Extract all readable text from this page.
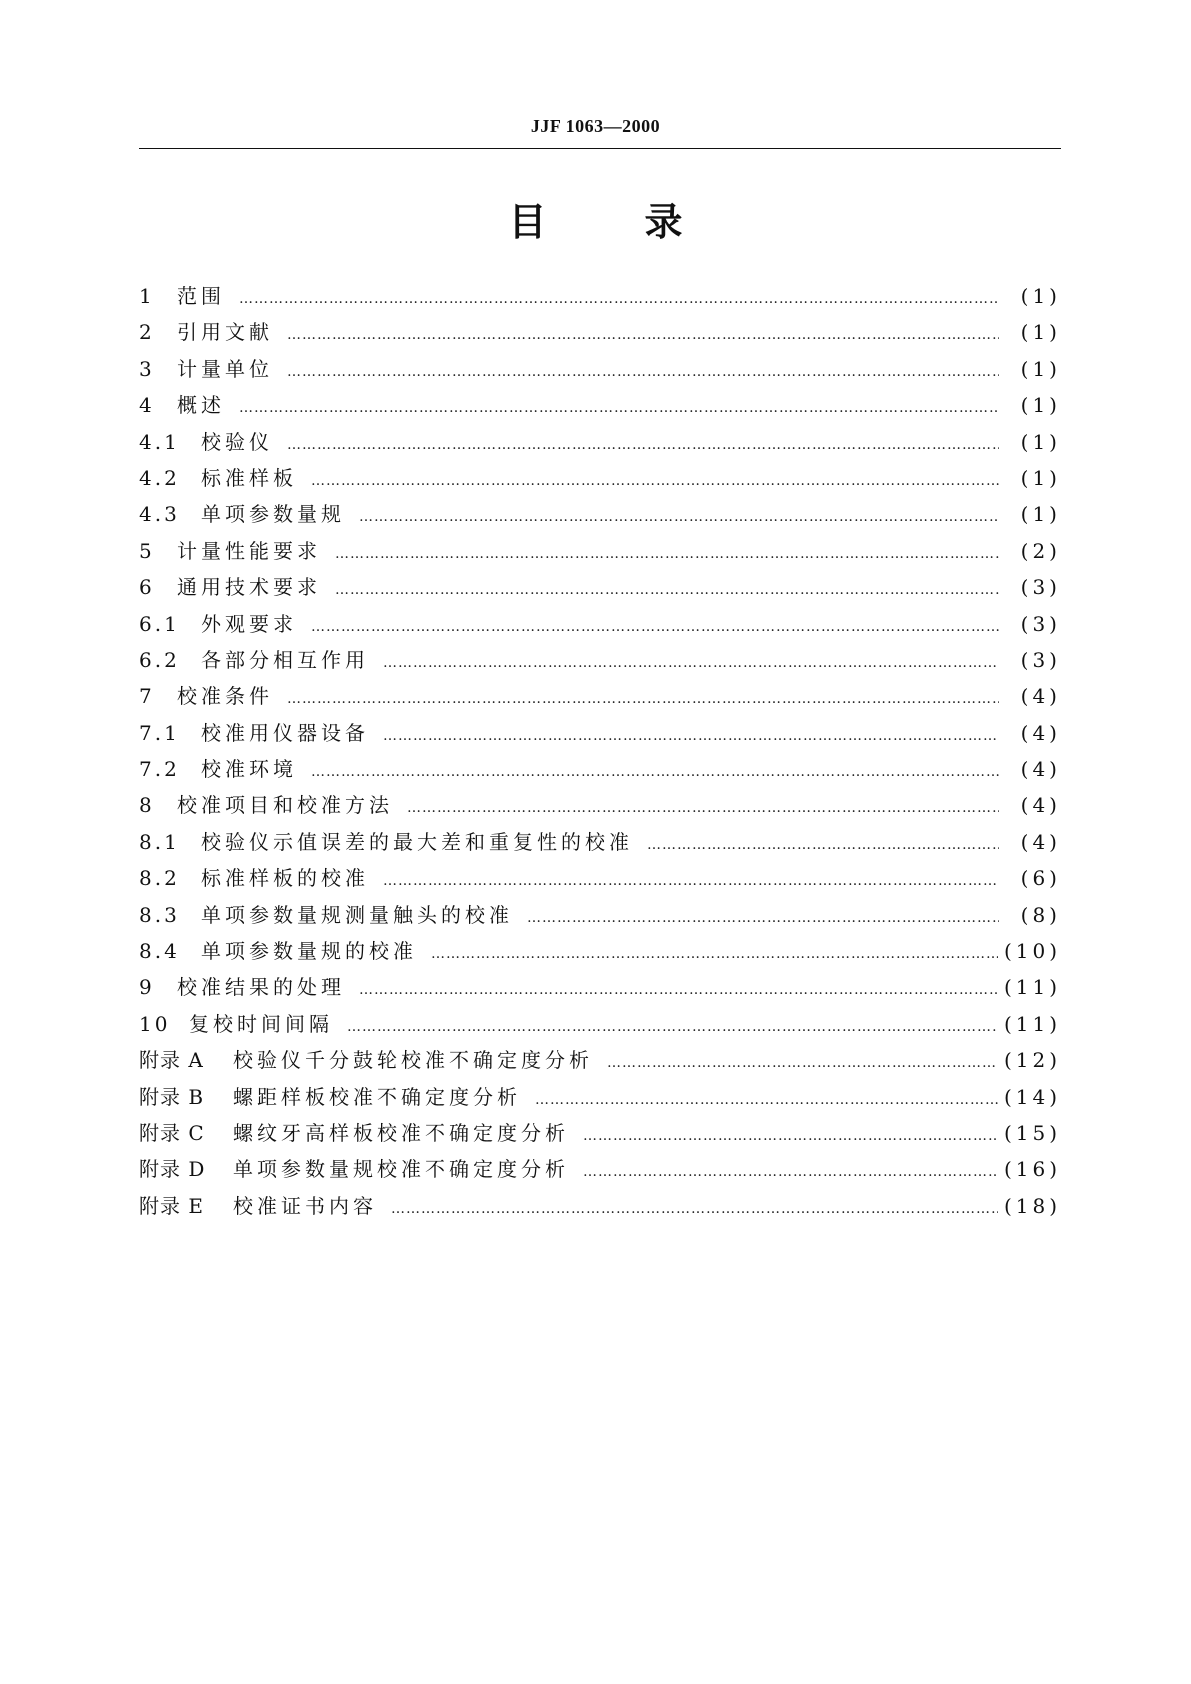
JJF 1063—2000
目	录
1	范围 …………………………………………………………………………………………………………………………………………………………………………………………………………………………………………	(1)
2	引用文献 …………………………………………………………………………………………………………………………………………………………………………………………………………………………………………	(1)
3	计量单位 …………………………………………………………………………………………………………………………………………………………………………………………………………………………………………	(1)
4	概述 …………………………………………………………………………………………………………………………………………………………………………………………………………………………………………	(1)
4.1	校验仪 …………………………………………………………………………………………………………………………………………………………………………………………………………………………………………	(1)
4.2	标准样板 …………………………………………………………………………………………………………………………………………………………………………………………………………………………………………	(1)
4.3	单项参数量规 …………………………………………………………………………………………………………………………………………………………………………………………………………………………………………	(1)
5	计量性能要求 …………………………………………………………………………………………………………………………………………………………………………………………………………………………………………	(2)
6	通用技术要求 …………………………………………………………………………………………………………………………………………………………………………………………………………………………………………	(3)
6.1	外观要求 …………………………………………………………………………………………………………………………………………………………………………………………………………………………………………	(3)
6.2	各部分相互作用 …………………………………………………………………………………………………………………………………………………………………………………………………………………………………………	(3)
7	校准条件 …………………………………………………………………………………………………………………………………………………………………………………………………………………………………………	(4)
7.1	校准用仪器设备 …………………………………………………………………………………………………………………………………………………………………………………………………………………………………………	(4)
7.2	校准环境 …………………………………………………………………………………………………………………………………………………………………………………………………………………………………………	(4)
8	校准项目和校准方法 …………………………………………………………………………………………………………………………………………………………………………………………………………………………………………	(4)
8.1	校验仪示值误差的最大差和重复性的校准 …………………………………………………………………………………………………………………………………………………………………………………………………………………………………………	(4)
8.2	标准样板的校准 …………………………………………………………………………………………………………………………………………………………………………………………………………………………………………	(6)
8.3	单项参数量规测量触头的校准 …………………………………………………………………………………………………………………………………………………………………………………………………………………………………………	(8)
8.4	单项参数量规的校准 …………………………………………………………………………………………………………………………………………………………………………………………………………………………………………	(10)
9	校准结果的处理 …………………………………………………………………………………………………………………………………………………………………………………………………………………………………………	(11)
10 复校时间间隔 …………………………………………………………………………………………………………………………………………………………………………………………………………………………………………	(11)
附录 A	校验仪千分鼓轮校准不确定度分析 …………………………………………………………………………………………………………………………………………………………………………………………………………………………………………	(12)
附录 B	螺距样板校准不确定度分析 …………………………………………………………………………………………………………………………………………………………………………………………………………………………………………	(14)
附录 C	螺纹牙高样板校准不确定度分析 …………………………………………………………………………………………………………………………………………………………………………………………………………………………………………	(15)
附录 D	单项参数量规校准不确定度分析 …………………………………………………………………………………………………………………………………………………………………………………………………………………………………………	(16)
附录 E	校准证书内容 …………………………………………………………………………………………………………………………………………………………………………………………………………………………………………	(18)
